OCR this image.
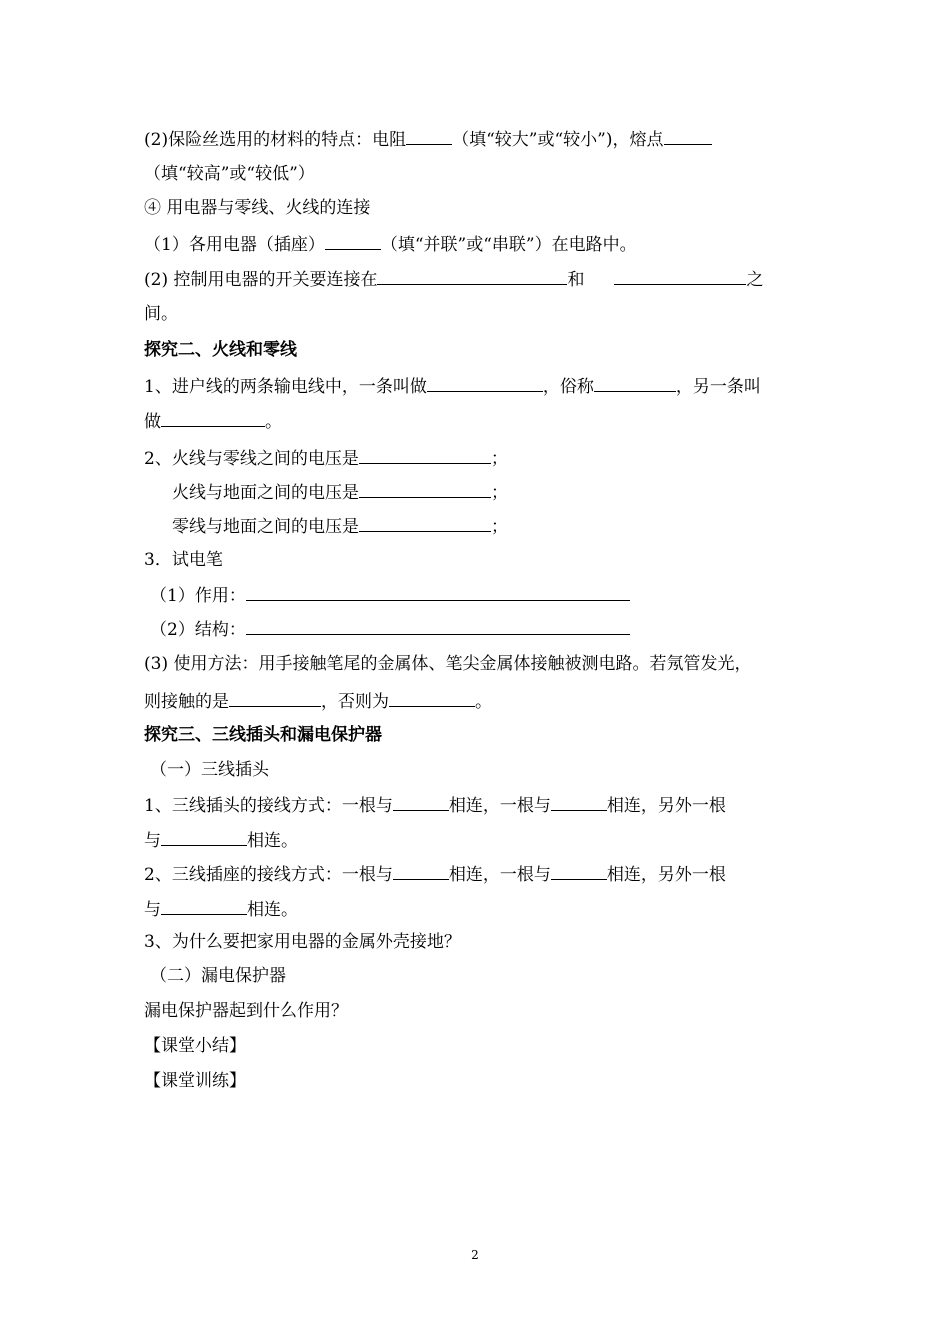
(2)保险丝选用的材料的特点：电阻	（填“较大”或“较小”)，熔点
（填“较高”或“较低”）
④ 用电器与零线、火线的连接
（1）各用电器（插座）	（填“并联”或“串联”）在电路中。
(2) 控制用电器的开关要连接在	和	之
间。
探究二、火线和零线
1、进户线的两条输电线中，一条叫做	，俗称	，另一条叫
做	。
2、火线与零线之间的电压是	；
火线与地面之间的电压是	；
零线与地面之间的电压是	；
3．试电笔
（1）作用：
（2）结构：
(3) 使用方法：用手接触笔尾的金属体、笔尖金属体接触被测电路。若氖管发光，
则接触的是	，否则为	。
探究三、三线插头和漏电保护器
（一）三线插头
1、三线插头的接线方式：一根与	相连，一根与	相连，另外一根
与	相连。
2、三线插座的接线方式：一根与	相连，一根与	相连，另外一根
与	相连。
3、为什么要把家用电器的金属外壳接地？
（二）漏电保护器
漏电保护器起到什么作用？
【课堂小结】
【课堂训练】
2
